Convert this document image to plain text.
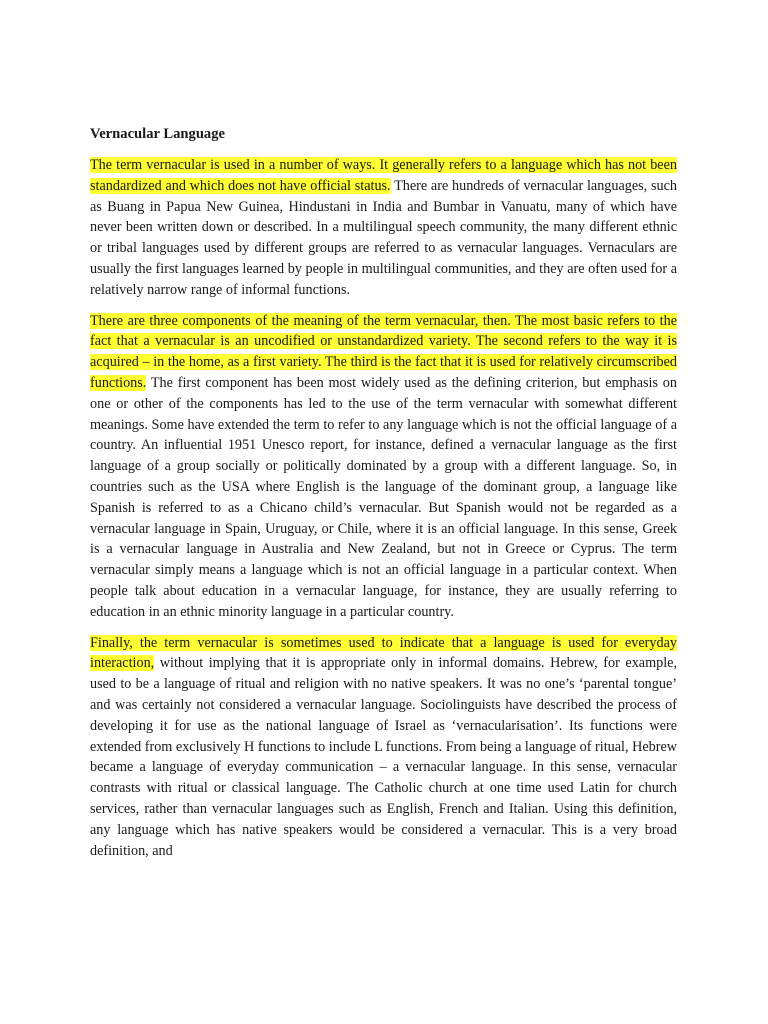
Vernacular Language

The term vernacular is used in a number of ways. It generally refers to a language which has not been standardized and which does not have official status. There are hundreds of vernacular languages, such as Buang in Papua New Guinea, Hindustani in India and Bumbar in Vanuatu, many of which have never been written down or described. In a multilingual speech community, the many different ethnic or tribal languages used by different groups are referred to as vernacular languages. Vernaculars are usually the first languages learned by people in multilingual communities, and they are often used for a relatively narrow range of informal functions.

There are three components of the meaning of the term vernacular, then. The most basic refers to the fact that a vernacular is an uncodified or unstandardized variety. The second refers to the way it is acquired – in the home, as a first variety. The third is the fact that it is used for relatively circumscribed functions. The first component has been most widely used as the defining criterion, but emphasis on one or other of the components has led to the use of the term vernacular with somewhat different meanings. Some have extended the term to refer to any language which is not the official language of a country. An influential 1951 Unesco report, for instance, defined a vernacular language as the first language of a group socially or politically dominated by a group with a different language. So, in countries such as the USA where English is the language of the dominant group, a language like Spanish is referred to as a Chicano child’s vernacular. But Spanish would not be regarded as a vernacular language in Spain, Uruguay, or Chile, where it is an official language. In this sense, Greek is a vernacular language in Australia and New Zealand, but not in Greece or Cyprus. The term vernacular simply means a language which is not an official language in a particular context. When people talk about education in a vernacular language, for instance, they are usually referring to education in an ethnic minority language in a particular country.

Finally, the term vernacular is sometimes used to indicate that a language is used for everyday interaction, without implying that it is appropriate only in informal domains. Hebrew, for example, used to be a language of ritual and religion with no native speakers. It was no one’s ‘parental tongue’ and was certainly not considered a vernacular language. Sociolinguists have described the process of developing it for use as the national language of Israel as ‘vernacularisation’. Its functions were extended from exclusively H functions to include L functions. From being a language of ritual, Hebrew became a language of everyday communication – a vernacular language. In this sense, vernacular contrasts with ritual or classical language. The Catholic church at one time used Latin for church services, rather than vernacular languages such as English, French and Italian. Using this definition, any language which has native speakers would be considered a vernacular. This is a very broad definition, and
